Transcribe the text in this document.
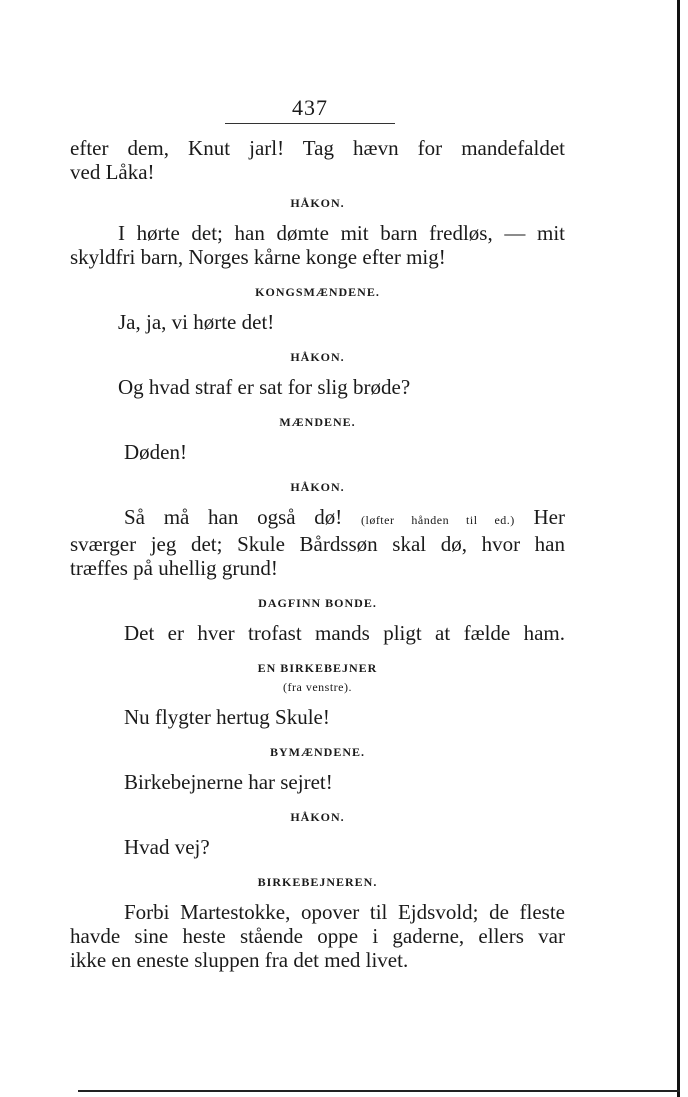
437
efter dem, Knut jarl! Tag hævn for mandefaldet
ved Låka!
HÅKON.
I hørte det; han dømte mit barn fredløs, — mit
skyldfri barn, Norges kårne konge efter mig!
KONGSMÆNDENE.
Ja, ja, vi hørte det!
HÅKON.
Og hvad straf er sat for slig brøde?
MÆNDENE.
Døden!
HÅKON.
Så må han også dø! (løfter hånden til ed.) Her
sværger jeg det; Skule Bårdssøn skal dø, hvor han
træffes på uhellig grund!
DAGFINN BONDE.
Det er hver trofast mands pligt at fælde ham.
EN BIRKEBEJNER
(fra venstre).
Nu flygter hertug Skule!
BYMÆNDENE.
Birkebejnerne har sejret!
HÅKON.
Hvad vej?
BIRKEBEJNEREN.
Forbi Martestokke, opover til Ejdsvold; de fleste
havde sine heste stående oppe i gaderne, ellers var
ikke en eneste sluppen fra det med livet.
